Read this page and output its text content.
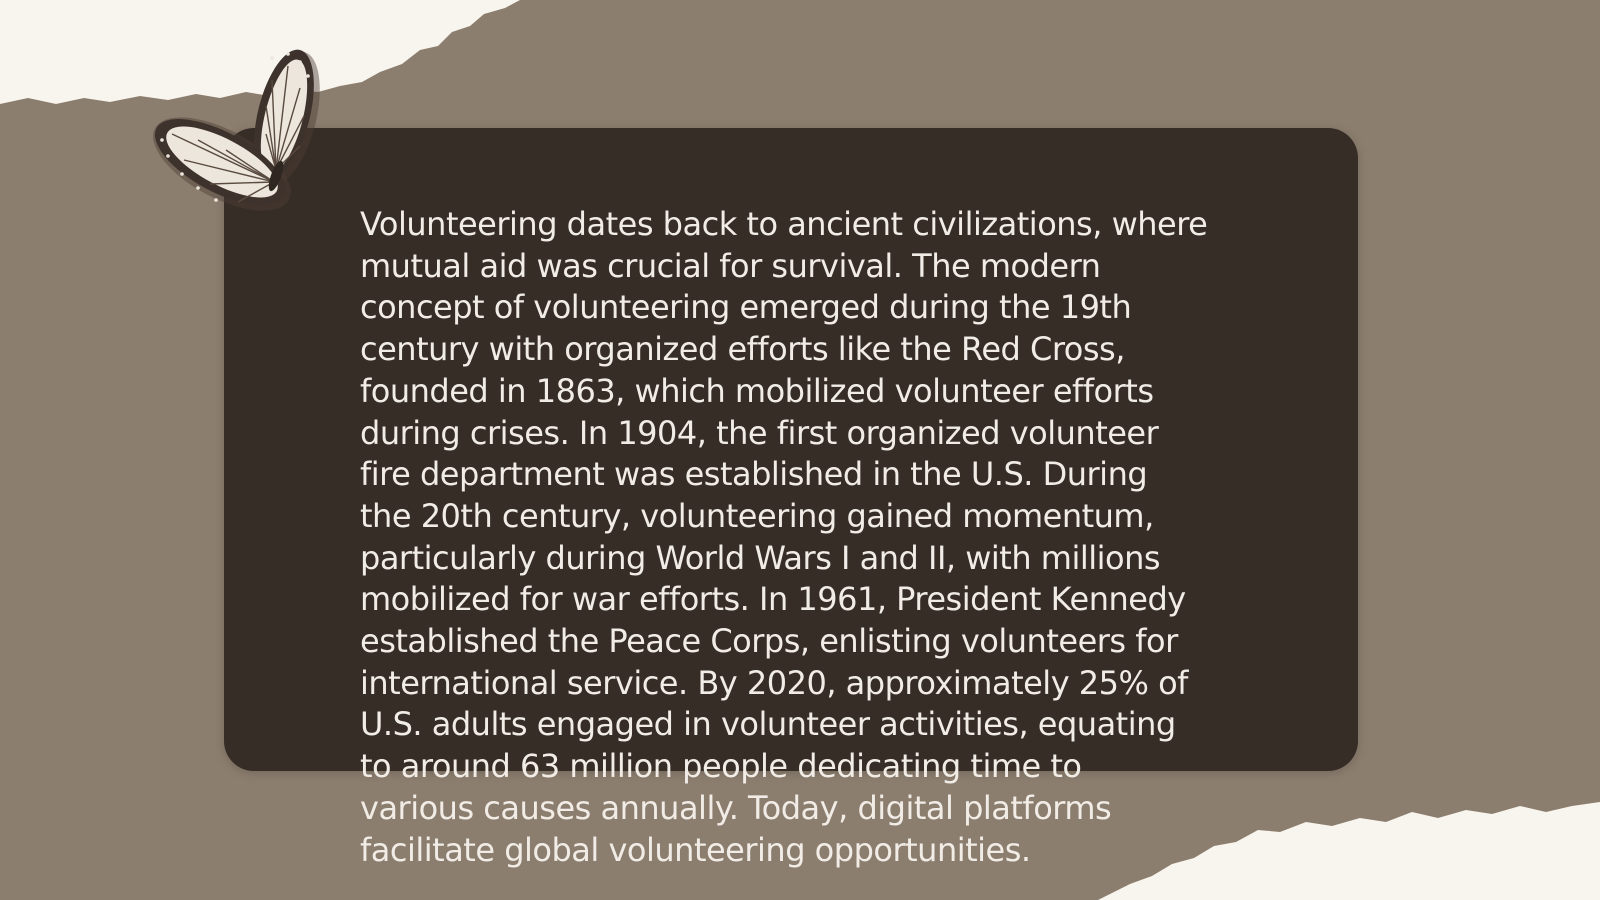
Volunteering dates back to ancient civilizations, where
mutual aid was crucial for survival. The modern
concept of volunteering emerged during the 19th
century with organized efforts like the Red Cross,
founded in 1863, which mobilized volunteer efforts
during crises. In 1904, the first organized volunteer
fire department was established in the U.S. During
the 20th century, volunteering gained momentum,
particularly during World Wars I and II, with millions
mobilized for war efforts. In 1961, President Kennedy
established the Peace Corps, enlisting volunteers for
international service. By 2020, approximately 25% of
U.S. adults engaged in volunteer activities, equating
to around 63 million people dedicating time to
various causes annually. Today, digital platforms
facilitate global volunteering opportunities.
